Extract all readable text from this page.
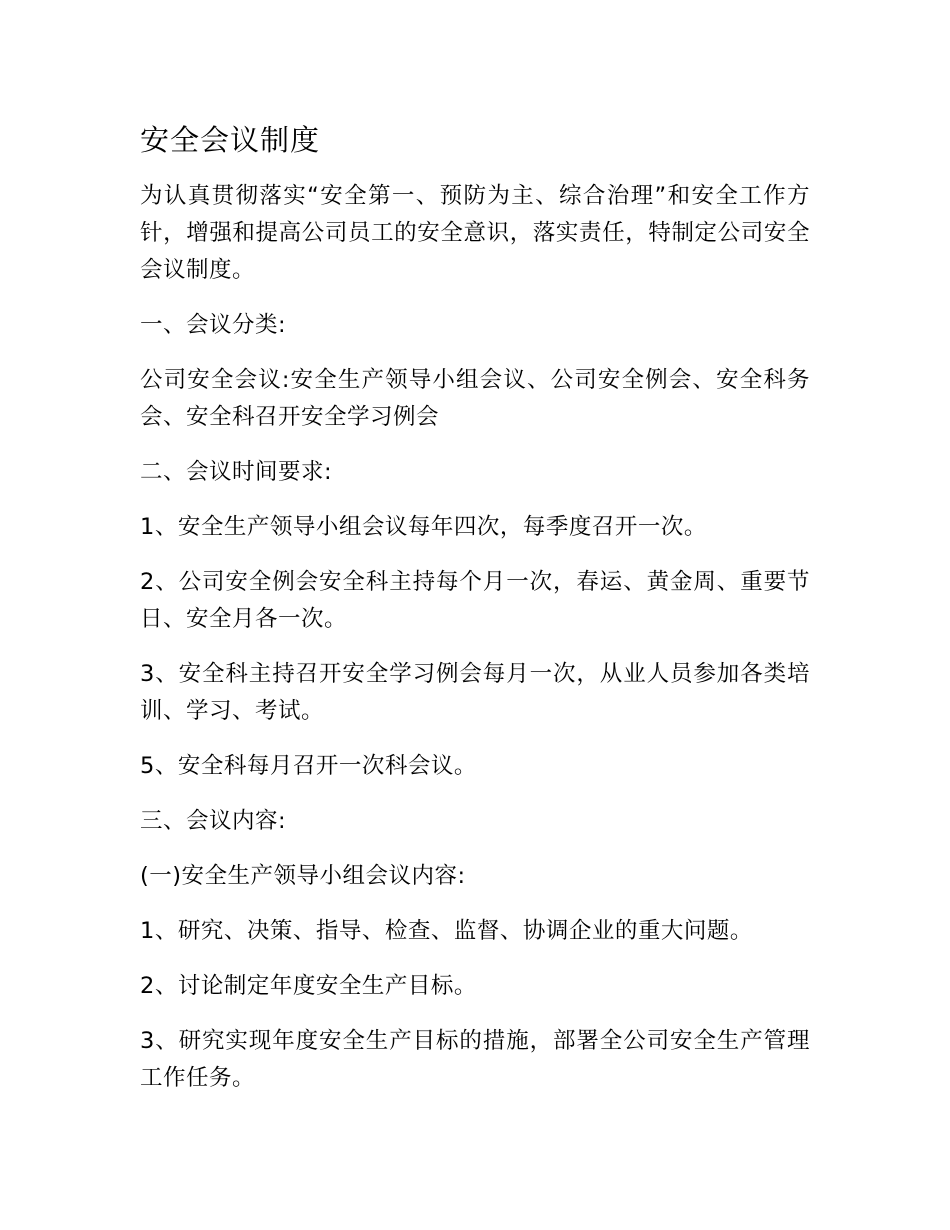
安全会议制度
为认真贯彻落实“安全第一、预防为主、综合治理”和安全工作方针，增强和提高公司员工的安全意识，落实责任，特制定公司安全会议制度。
一、会议分类:
公司安全会议:安全生产领导小组会议、公司安全例会、安全科务会、安全科召开安全学习例会
二、会议时间要求:
1、安全生产领导小组会议每年四次，每季度召开一次。
2、公司安全例会安全科主持每个月一次，春运、黄金周、重要节日、安全月各一次。
3、安全科主持召开安全学习例会每月一次，从业人员参加各类培训、学习、考试。
5、安全科每月召开一次科会议。
三、会议内容:
(一)安全生产领导小组会议内容:
1、研究、决策、指导、检查、监督、协调企业的重大问题。
2、讨论制定年度安全生产目标。
3、研究实现年度安全生产目标的措施，部署全公司安全生产管理工作任务。
